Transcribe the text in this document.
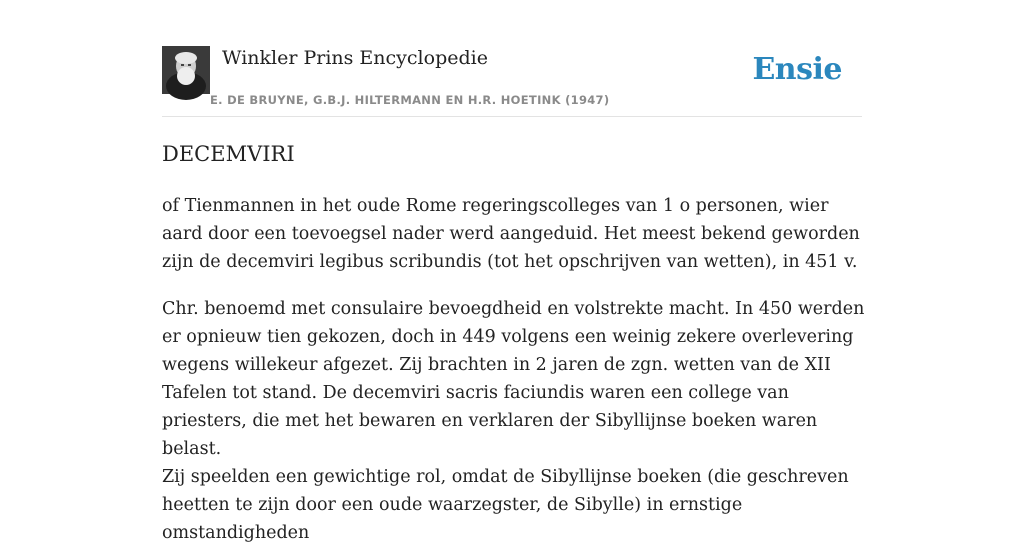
Winkler Prins Encyclopedie
E. DE BRUYNE, G.B.J. HILTERMANN EN H.R. HOETINK (1947)
Ensie
DECEMVIRI

of Tienmannen in het oude Rome regeringscolleges van 1 o personen, wier aard door een toevoegsel nader werd aangeduid. Het meest bekend geworden zijn de decemviri legibus scribundis (tot het opschrijven van wetten), in 451 v.

Chr. benoemd met consulaire bevoegdheid en volstrekte macht. In 450 werden er opnieuw tien gekozen, doch in 449 volgens een weinig zekere overlevering wegens willekeur afgezet. Zij brachten in 2 jaren de zgn. wetten van de XII Tafelen tot stand. De decemviri sacris faciundis waren een college van priesters, die met het bewaren en verklaren der Sibyllijnse boeken waren belast.

Zij speelden een gewichtige rol, omdat de Sibyllijnse boeken (die geschreven heetten te zijn door een oude waarzegster, de Sibylle) in ernstige omstandigheden
